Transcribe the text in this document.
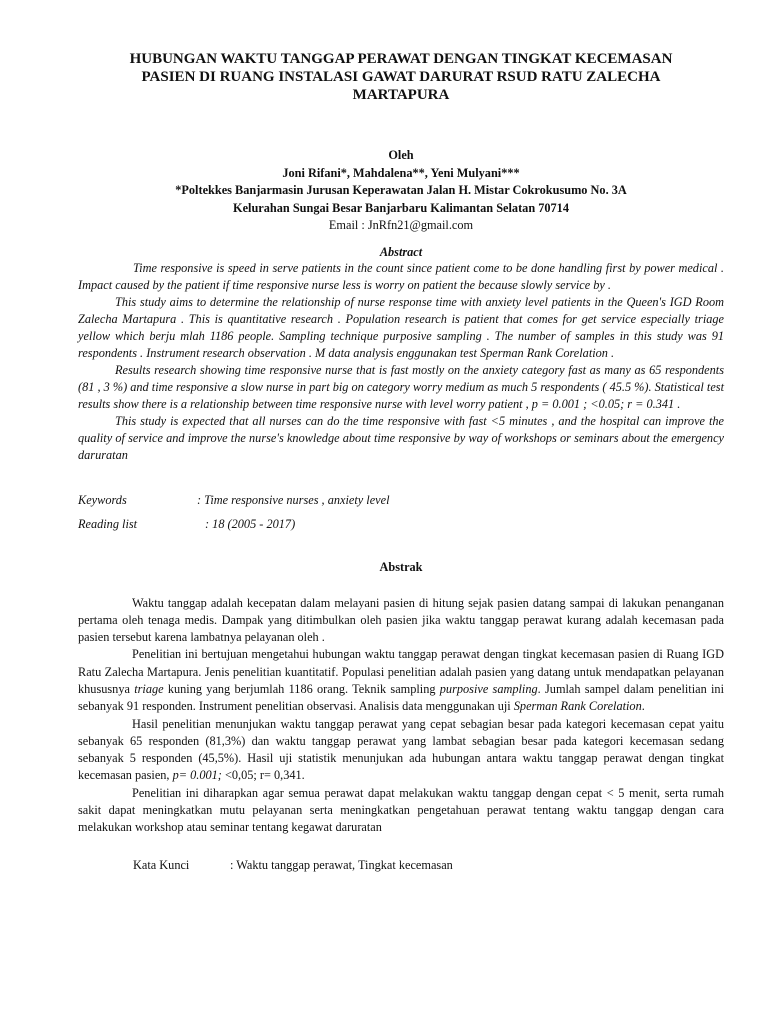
HUBUNGAN WAKTU TANGGAP PERAWAT DENGAN TINGKAT KECEMASAN
PASIEN DI RUANG INSTALASI GAWAT DARURAT RSUD RATU ZALECHA
MARTAPURA
Oleh
Joni Rifani*, Mahdalena**, Yeni Mulyani***
*Poltekkes Banjarmasin Jurusan Keperawatan Jalan H. Mistar Cokrokusumo No. 3A
Kelurahan Sungai Besar Banjarbaru Kalimantan Selatan 70714
Email : JnRfn21@gmail.com
Abstract

Time responsive is speed in serve patients in the count since patient come to be done handling first by power medical . Impact caused by the patient if time responsive nurse less is worry on patient the because slowly service by .

This study aims to determine the relationship of nurse response time with anxiety level patients in the Queen's IGD Room Zalecha Martapura . This is quantitative research . Population research is patient that comes for get service especially triage yellow which berju mlah 1186 people. Sampling technique purposive sampling . The number of samples in this study was 91 respondents . Instrument research observation . M data analysis enggunakan test Sperman Rank Corelation .

Results research showing time responsive nurse that is fast mostly on the anxiety category fast as many as 65 respondents (81 , 3 %) and time responsive a slow nurse in part big on category worry medium as much 5 respondents ( 45.5 %). Statistical test results show there is a relationship between time responsive nurse with level worry patient , p = 0.001 ; <0.05; r = 0.341 .

This study is expected that all nurses can do the time responsive with fast <5 minutes , and the hospital can improve the quality of service and improve the nurse's knowledge about time responsive by way of workshops or seminars about the emergency daruratan

Keywords	: Time responsive nurses , anxiety level
Reading list	: 18 (2005 - 2017)
Abstrak

Waktu tanggap adalah kecepatan dalam melayani pasien di hitung sejak pasien datang sampai di lakukan penanganan pertama oleh tenaga medis. Dampak yang ditimbulkan oleh pasien jika waktu tanggap perawat kurang adalah kecemasan pada pasien tersebut karena lambatnya pelayanan oleh .

Penelitian ini bertujuan mengetahui hubungan waktu tanggap perawat dengan tingkat kecemasan pasien di Ruang IGD Ratu Zalecha Martapura. Jenis penelitian kuantitatif. Populasi penelitian adalah pasien yang datang untuk mendapatkan pelayanan khususnya triage kuning yang berjumlah 1186 orang. Teknik sampling purposive sampling. Jumlah sampel dalam penelitian ini sebanyak 91 responden. Instrument penelitian observasi. Analisis data menggunakan uji Sperman Rank Corelation.

Hasil penelitian menunjukan waktu tanggap perawat yang cepat sebagian besar pada kategori kecemasan cepat yaitu sebanyak 65 responden (81,3%) dan waktu tanggap perawat yang lambat sebagian besar pada kategori kecemasan sedang sebanyak 5 responden (45,5%). Hasil uji statistik menunjukan ada hubungan antara waktu tanggap perawat dengan tingkat kecemasan pasien, p= 0.001; <0,05; r= 0,341.

Penelitian ini diharapkan agar semua perawat dapat melakukan waktu tanggap dengan cepat < 5 menit, serta rumah sakit dapat meningkatkan mutu pelayanan serta meningkatkan pengetahuan perawat tentang waktu tanggap dengan cara melakukan workshop atau seminar tentang kegawat daruratan

Kata Kunci	: Waktu tanggap perawat, Tingkat kecemasan
